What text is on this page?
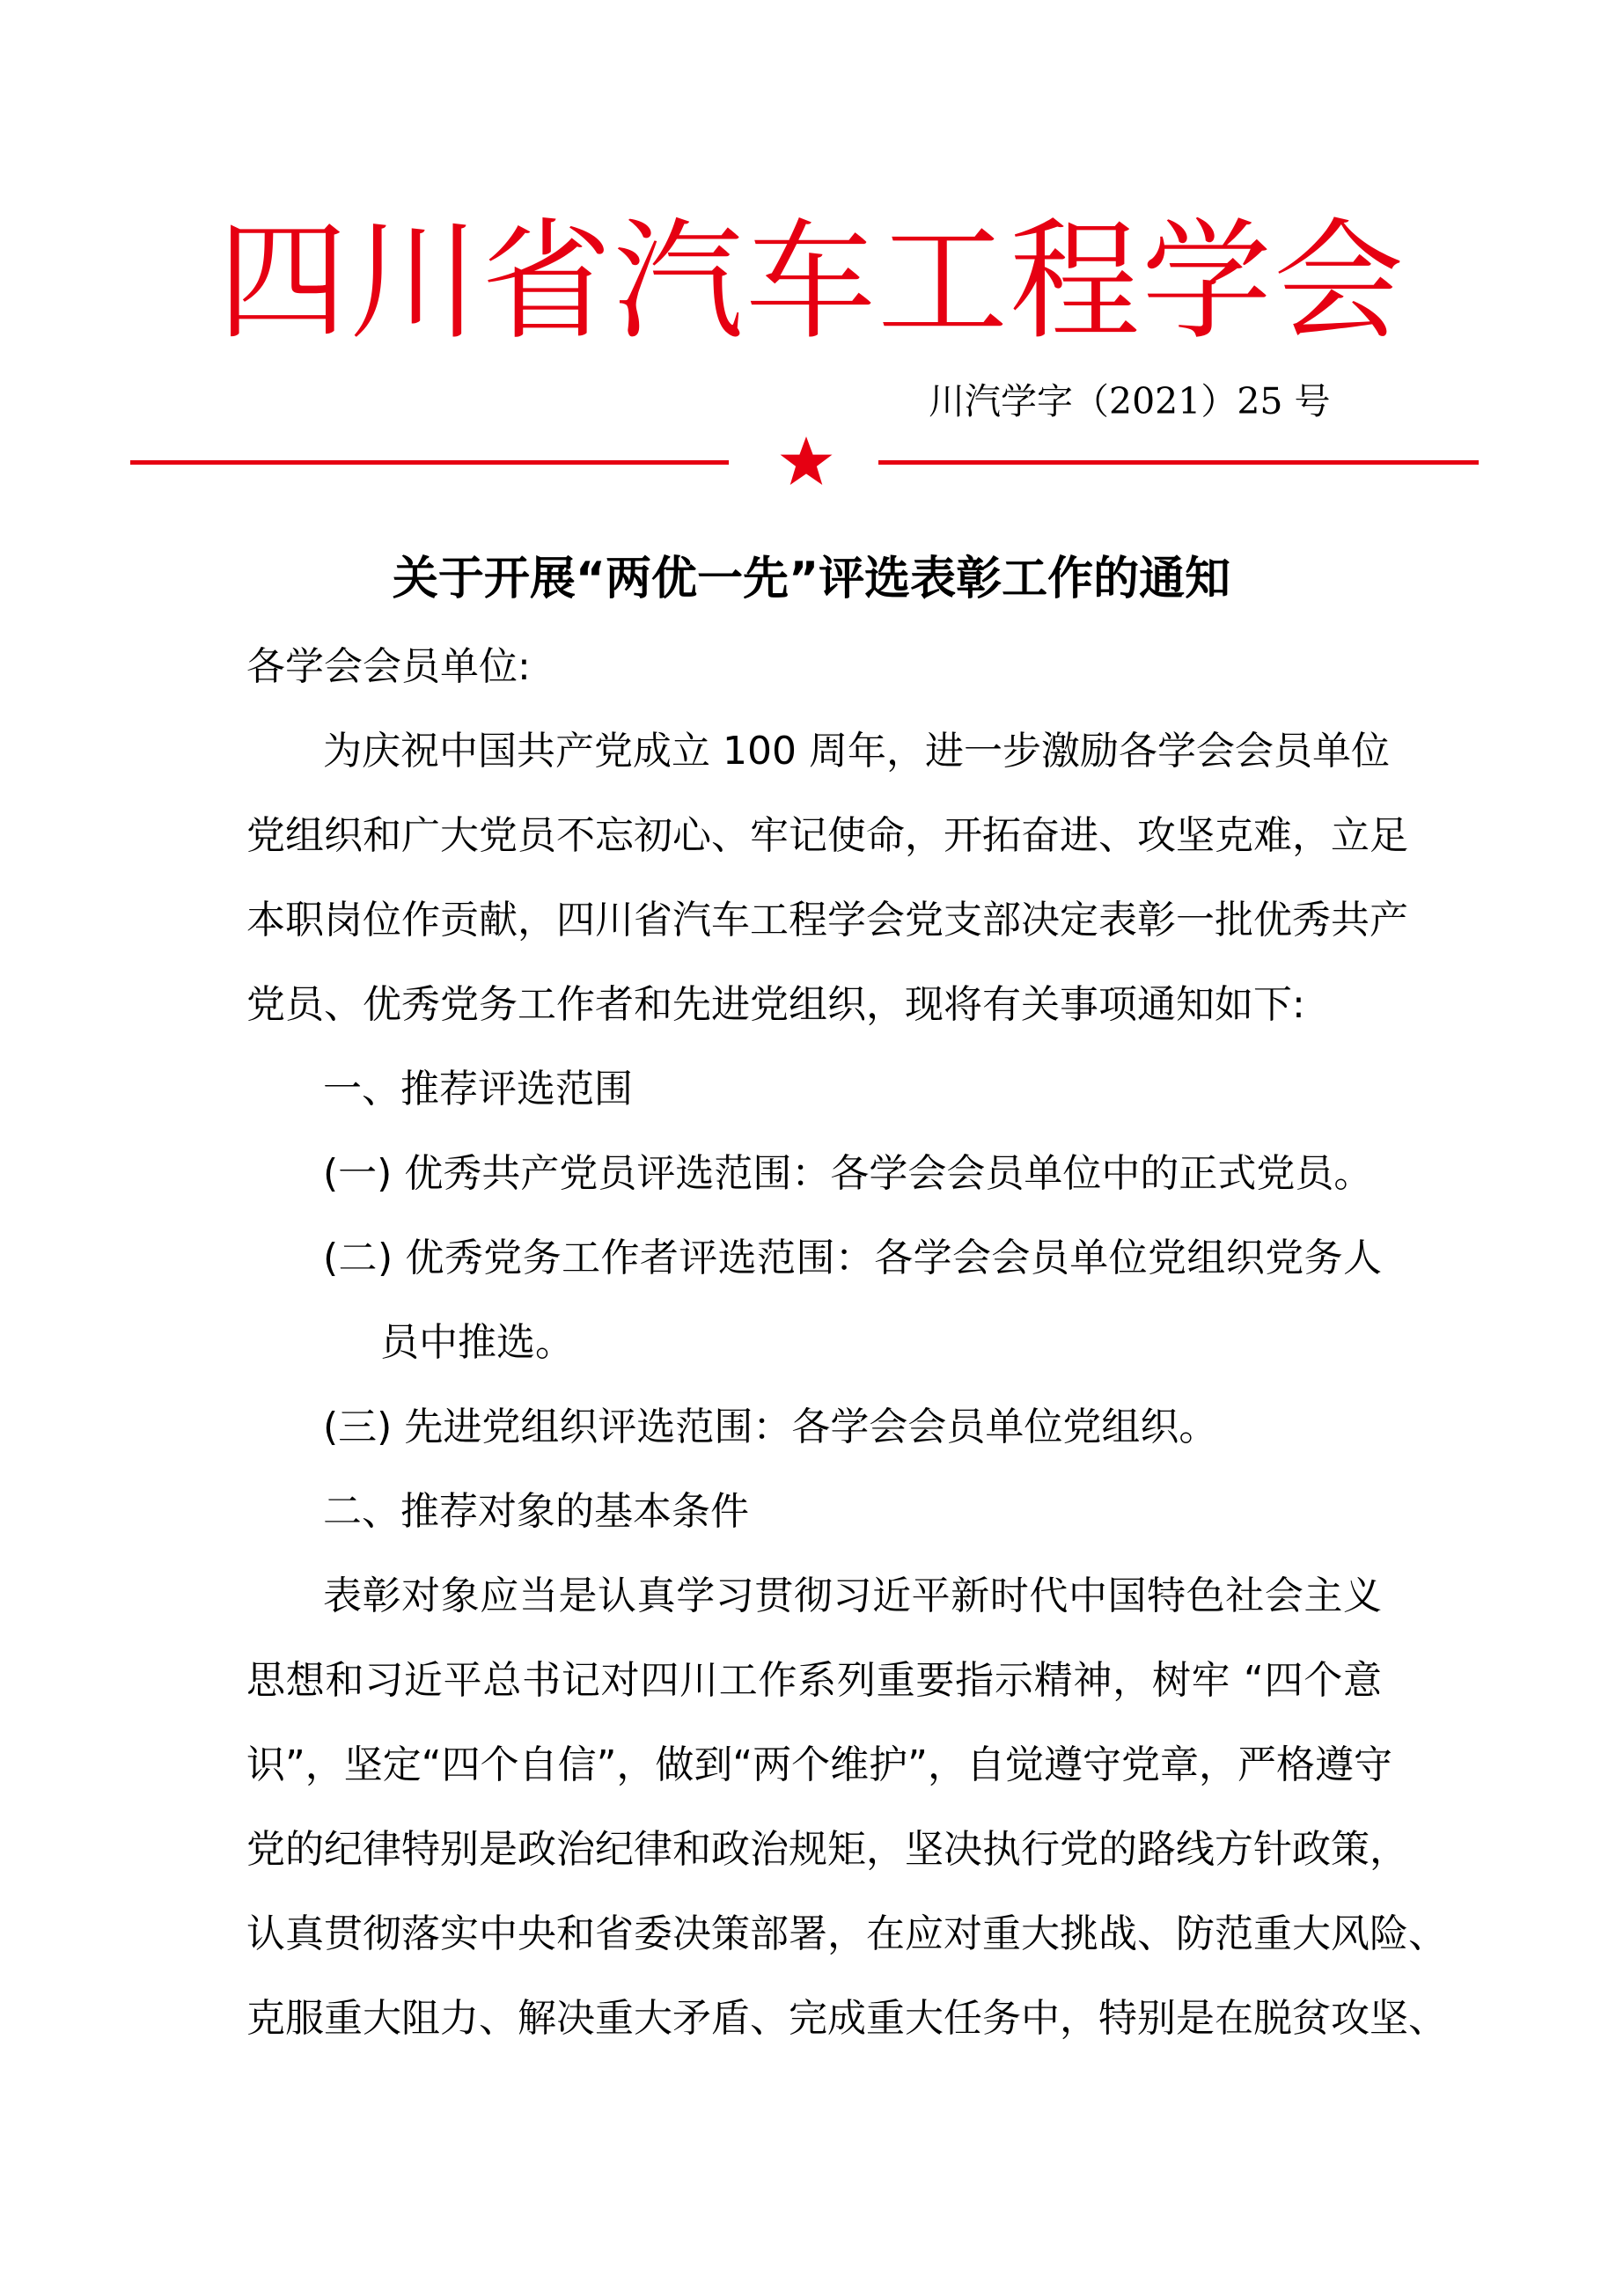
四川省汽车工程学会
川汽学字（2021）25 号
关于开展“两优一先”评选表彰工作的通知
各学会会员单位:
为庆祝中国共产党成立 100 周年，进一步激励各学会会员单位
党组织和广大党员不忘初心、牢记使命，开拓奋进、攻坚克难，立足
本职岗位作贡献，四川省汽车工程学会党支部决定表彰一批优秀共产
党员、优秀党务工作者和先进党组织，现将有关事项通知如下:
一、推荐评选范围
(一) 优秀共产党员评选范围：各学会会员单位中的正式党员。
(二) 优秀党务工作者评选范围：各学会会员单位党组织党务人
员中推选。
(三) 先进党组织评选范围：各学会会员单位党组织。
二、推荐对象的基本条件
表彰对象应当是认真学习贯彻习近平新时代中国特色社会主义
思想和习近平总书记对四川工作系列重要指示精神，树牢 “四个意
识”，坚定“四个自信”，做到“两个维护”，自觉遵守党章，严格遵守
党的纪律特别是政治纪律和政治规矩，坚决执行党的路线方针政策，
认真贯彻落实中央和省委决策部署，在应对重大挑战、防范重大风险、
克服重大阻力、解决重大矛盾、完成重大任务中，特别是在脱贫攻坚、
